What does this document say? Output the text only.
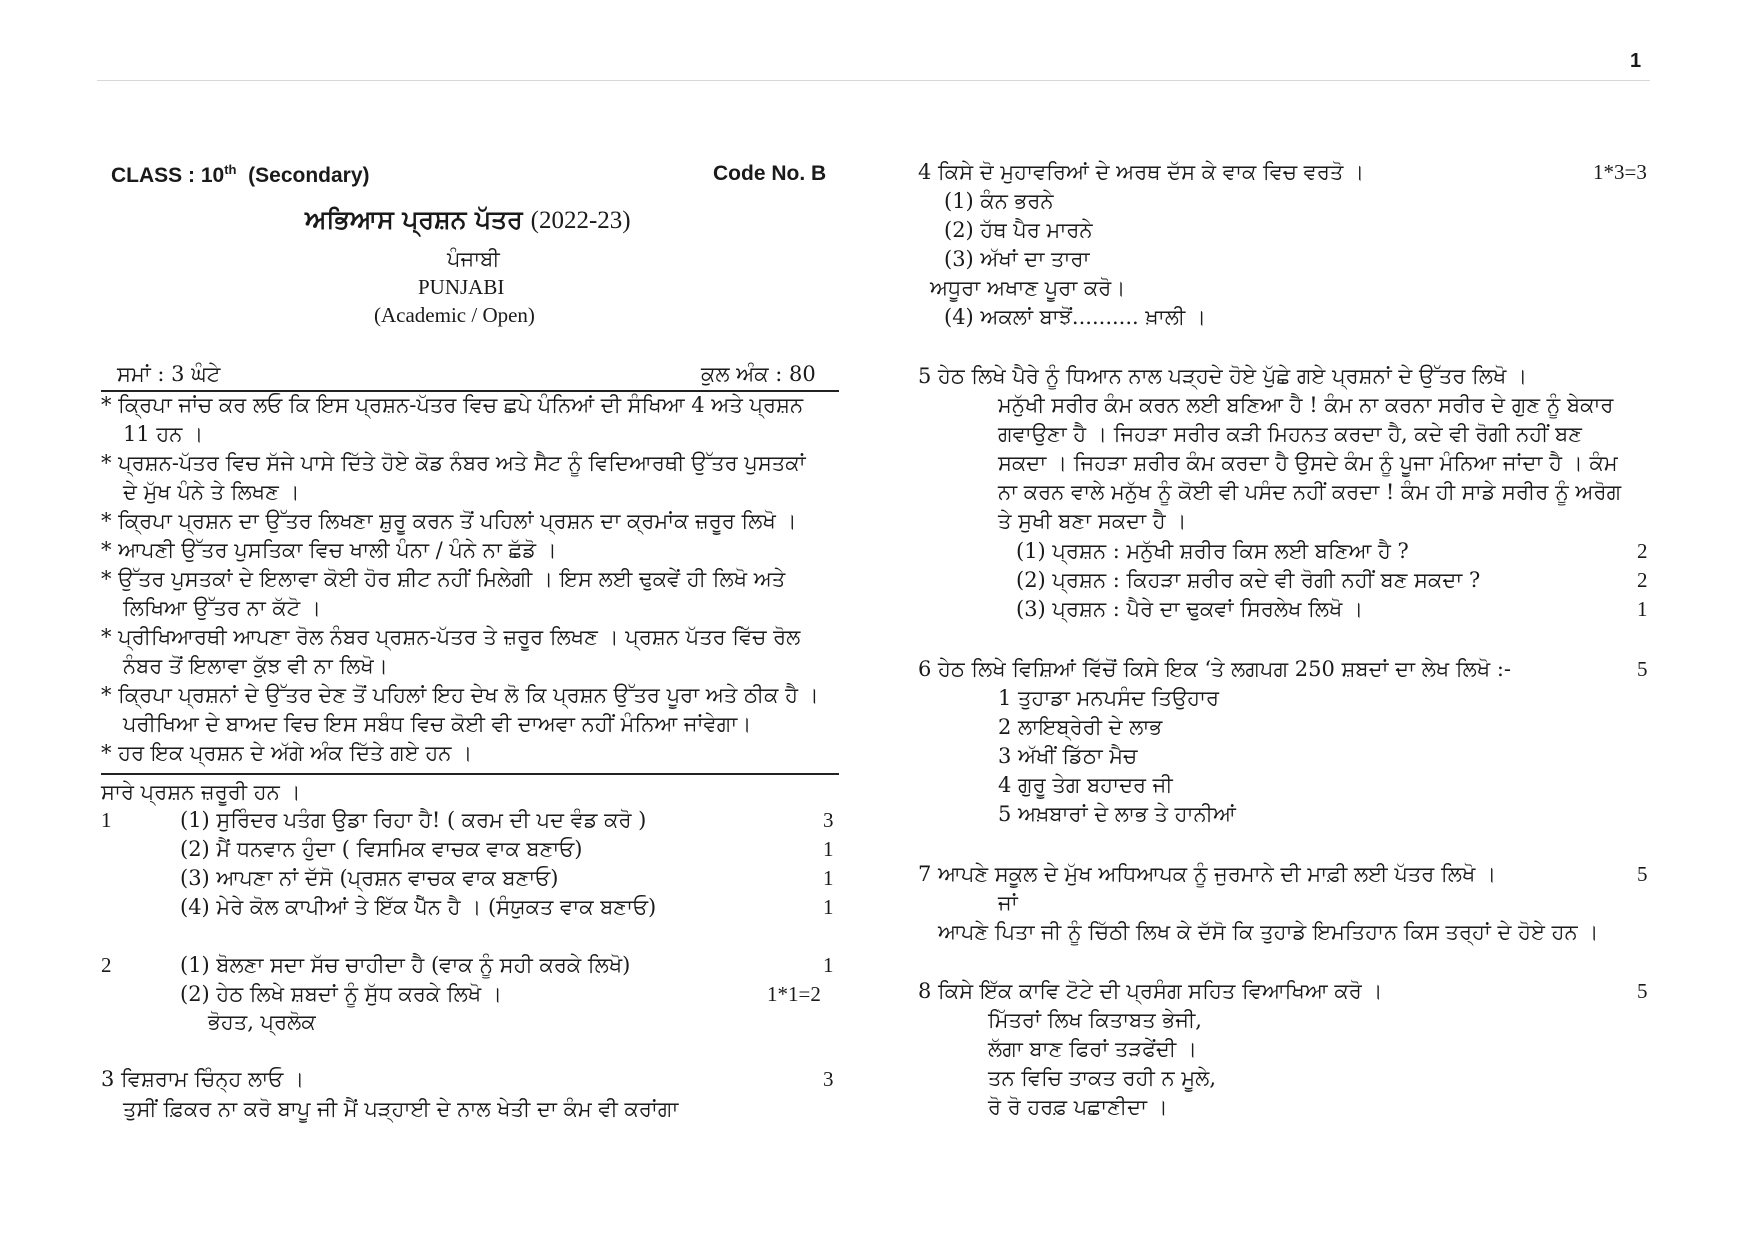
1
CLASS : 10th (Secondary)	Code No. B
ਅਭਿਆਸ ਪ੍ਰਸ਼ਨ ਪੱਤਰ (2022-23)
ਪੰਜਾਬੀ
PUNJABI
(Academic / Open)
ਸਮਾਂ : 3 ਘੰਟੇ	ਕੁਲ ਅੰਕ : 80
* ਕ੍ਰਿਪਾ ਜਾਂਚ ਕਰ ਲਓ ਕਿ ਇਸ ਪ੍ਰਸ਼ਨ-ਪੱਤਰ ਵਿਚ ਛਪੇ ਪੰਨਿਆਂ ਦੀ ਸੰਖਿਆ 4 ਅਤੇ ਪ੍ਰਸ਼ਨ
11 ਹਨ ।
* ਪ੍ਰਸ਼ਨ-ਪੱਤਰ ਵਿਚ ਸੱਜੇ ਪਾਸੇ ਦਿੱਤੇ ਹੋਏ ਕੋਡ ਨੰਬਰ ਅਤੇ ਸੈਟ ਨੂੰ ਵਿਦਿਆਰਥੀ ਉੱਤਰ ਪੁਸਤਕਾਂ
ਦੇ ਮੁੱਖ ਪੰਨੇ ਤੇ ਲਿਖਣ ।
* ਕ੍ਰਿਪਾ ਪ੍ਰਸ਼ਨ ਦਾ ਉੱਤਰ ਲਿਖਣਾ ਸ਼ੁਰੂ ਕਰਨ ਤੋਂ ਪਹਿਲਾਂ ਪ੍ਰਸ਼ਨ ਦਾ ਕ੍ਰਮਾਂਕ ਜ਼ਰੂਰ ਲਿਖੋ ।
* ਆਪਣੀ ਉੱਤਰ ਪੁਸਤਿਕਾ ਵਿਚ ਖਾਲੀ ਪੰਨਾ / ਪੰਨੇ ਨਾ ਛੱਡੋ ।
* ਉੱਤਰ ਪੁਸਤਕਾਂ ਦੇ ਇਲਾਵਾ ਕੋਈ ਹੋਰ ਸ਼ੀਟ ਨਹੀਂ ਮਿਲੇਗੀ । ਇਸ ਲਈ ਢੁਕਵੇਂ ਹੀ ਲਿਖੋ ਅਤੇ
ਲਿਖਿਆ ਉੱਤਰ ਨਾ ਕੱਟੋ ।
* ਪ੍ਰੀਖਿਆਰਥੀ ਆਪਣਾ ਰੋਲ ਨੰਬਰ ਪ੍ਰਸ਼ਨ-ਪੱਤਰ ਤੇ ਜ਼ਰੂਰ ਲਿਖਣ । ਪ੍ਰਸ਼ਨ ਪੱਤਰ ਵਿੱਚ ਰੋਲ
ਨੰਬਰ ਤੋਂ ਇਲਾਵਾ ਕੁੱਝ ਵੀ ਨਾ ਲਿਖੋ।
* ਕ੍ਰਿਪਾ ਪ੍ਰਸ਼ਨਾਂ ਦੇ ਉੱਤਰ ਦੇਣ ਤੋਂ ਪਹਿਲਾਂ ਇਹ ਦੇਖ ਲੋ ਕਿ ਪ੍ਰਸ਼ਨ ਉੱਤਰ ਪੂਰਾ ਅਤੇ ਠੀਕ ਹੈ ।
ਪਰੀਖਿਆ ਦੇ ਬਾਅਦ ਵਿਚ ਇਸ ਸਬੰਧ ਵਿਚ ਕੋਈ ਵੀ ਦਾਅਵਾ ਨਹੀਂ ਮੰਨਿਆ ਜਾਂਵੇਗਾ।
* ਹਰ ਇਕ ਪ੍ਰਸ਼ਨ ਦੇ ਅੱਗੇ ਅੰਕ ਦਿੱਤੇ ਗਏ ਹਨ ।
ਸਾਰੇ ਪ੍ਰਸ਼ਨ ਜ਼ਰੂਰੀ ਹਨ ।
1	(1) ਸੁਰਿੰਦਰ ਪਤੰਗ ਉਡਾ ਰਿਹਾ ਹੈ! ( ਕਰਮ ਦੀ ਪਦ ਵੰਡ ਕਰੋ )	3
(2) ਮੈਂ ਧਨਵਾਨ ਹੁੰਦਾ ( ਵਿਸਮਿਕ ਵਾਚਕ ਵਾਕ ਬਣਾਓ)	1
(3) ਆਪਣਾ ਨਾਂ ਦੱਸੋ (ਪ੍ਰਸ਼ਨ ਵਾਚਕ ਵਾਕ ਬਣਾਓ)	1
(4) ਮੇਰੇ ਕੋਲ ਕਾਪੀਆਂ ਤੇ ਇੱਕ ਪੈੱਨ ਹੈ । (ਸੰਯੁਕਤ ਵਾਕ ਬਣਾਓ)	1
2	(1) ਬੋਲਣਾ ਸਦਾ ਸੱਚ ਚਾਹੀਦਾ ਹੈ (ਵਾਕ ਨੂੰ ਸਹੀ ਕਰਕੇ ਲਿਖੋ)	1
(2) ਹੇਠ ਲਿਖੇ ਸ਼ਬਦਾਂ ਨੂੰ ਸੁੱਧ ਕਰਕੇ ਲਿਖੋ ।	1*1=2
ਭੋਹਤ, ਪ੍ਰਲੋਕ
3 ਵਿਸ਼ਰਾਮ ਚਿੰਨ੍ਹ ਲਾਓ ।	3
ਤੁਸੀਂ ਫ਼ਿਕਰ ਨਾ ਕਰੋ ਬਾਪੂ ਜੀ ਮੈਂ ਪੜ੍ਹਾਈ ਦੇ ਨਾਲ ਖੇਤੀ ਦਾ ਕੰਮ ਵੀ ਕਰਾਂਗਾ
4 ਕਿਸੇ ਦੋ ਮੁਹਾਵਰਿਆਂ ਦੇ ਅਰਥ ਦੱਸ ਕੇ ਵਾਕ ਵਿਚ ਵਰਤੋ ।	1*3=3
(1) ਕੰਨ ਭਰਨੇ
(2) ਹੱਥ ਪੈਰ ਮਾਰਨੇ
(3) ਅੱਖਾਂ ਦਾ ਤਾਰਾ
ਅਧੂਰਾ ਅਖਾਣ ਪੂਰਾ ਕਰੋ।
(4) ਅਕਲਾਂ ਬਾਝੋਂ.......... ਖ਼ਾਲੀ ।
5 ਹੇਠ ਲਿਖੇ ਪੈਰੇ ਨੂੰ ਧਿਆਨ ਨਾਲ ਪੜ੍ਹਦੇ ਹੋਏ ਪੁੱਛੇ ਗਏ ਪ੍ਰਸ਼ਨਾਂ ਦੇ ਉੱਤਰ ਲਿਖੋ ।
ਮਨੁੱਖੀ ਸਰੀਰ ਕੰਮ ਕਰਨ ਲਈ ਬਣਿਆ ਹੈ ! ਕੰਮ ਨਾ ਕਰਨਾ ਸਰੀਰ ਦੇ ਗੁਣ ਨੂੰ ਬੇਕਾਰ
ਗਵਾਉਣਾ ਹੈ । ਜਿਹੜਾ ਸਰੀਰ ਕੜੀ ਮਿਹਨਤ ਕਰਦਾ ਹੈ, ਕਦੇ ਵੀ ਰੋਗੀ ਨਹੀਂ ਬਣ
ਸਕਦਾ । ਜਿਹੜਾ ਸ਼ਰੀਰ ਕੰਮ ਕਰਦਾ ਹੈ ਉਸਦੇ ਕੰਮ ਨੂੰ ਪੂਜਾ ਮੰਨਿਆ ਜਾਂਦਾ ਹੈ । ਕੰਮ
ਨਾ ਕਰਨ ਵਾਲੇ ਮਨੁੱਖ ਨੂੰ ਕੋਈ ਵੀ ਪਸੰਦ ਨਹੀਂ ਕਰਦਾ ! ਕੰਮ ਹੀ ਸਾਡੇ ਸਰੀਰ ਨੂੰ ਅਰੋਗ
ਤੇ ਸੁਖੀ ਬਣਾ ਸਕਦਾ ਹੈ ।
(1) ਪ੍ਰਸ਼ਨ : ਮਨੁੱਖੀ ਸ਼ਰੀਰ ਕਿਸ ਲਈ ਬਣਿਆ ਹੈ ?	2
(2) ਪ੍ਰਸ਼ਨ : ਕਿਹੜਾ ਸ਼ਰੀਰ ਕਦੇ ਵੀ ਰੋਗੀ ਨਹੀਂ ਬਣ ਸਕਦਾ ?	2
(3) ਪ੍ਰਸ਼ਨ : ਪੈਰੇ ਦਾ ਢੁਕਵਾਂ ਸਿਰਲੇਖ ਲਿਖੋ ।	1
6 ਹੇਠ ਲਿਖੇ ਵਿਸ਼ਿਆਂ ਵਿੱਚੋਂ ਕਿਸੇ ਇਕ ‘ਤੇ ਲਗਪਗ 250 ਸ਼ਬਦਾਂ ਦਾ ਲੇਖ ਲਿਖੋ :-	5
1 ਤੁਹਾਡਾ ਮਨਪਸੰਦ ਤਿਉਹਾਰ
2 ਲਾਇਬ੍ਰੇਰੀ ਦੇ ਲਾਭ
3 ਅੱਖੀਂ ਡਿੱਠਾ ਮੈਚ
4 ਗੁਰੂ ਤੇਗ ਬਹਾਦਰ ਜੀ
5 ਅਖ਼ਬਾਰਾਂ ਦੇ ਲਾਭ ਤੇ ਹਾਨੀਆਂ
7 ਆਪਣੇ ਸਕੂਲ ਦੇ ਮੁੱਖ ਅਧਿਆਪਕ ਨੂੰ ਜੁਰਮਾਨੇ ਦੀ ਮਾਫ਼ੀ ਲਈ ਪੱਤਰ ਲਿਖੋ ।	5
ਜਾਂ
ਆਪਣੇ ਪਿਤਾ ਜੀ ਨੂੰ ਚਿੱਠੀ ਲਿਖ ਕੇ ਦੱਸੋ ਕਿ ਤੁਹਾਡੇ ਇਮਤਿਹਾਨ ਕਿਸ ਤਰ੍ਹਾਂ ਦੇ ਹੋਏ ਹਨ ।
8 ਕਿਸੇ ਇੱਕ ਕਾਵਿ ਟੋਟੇ ਦੀ ਪ੍ਰਸੰਗ ਸਹਿਤ ਵਿਆਖਿਆ ਕਰੋ ।	5
ਮਿੱਤਰਾਂ ਲਿਖ ਕਿਤਾਬਤ ਭੇਜੀ,
ਲੱਗਾ ਬਾਣ ਫਿਰਾਂ ਤੜਫੇਂਦੀ ।
ਤਨ ਵਿਚਿ ਤਾਕਤ ਰਹੀ ਨ ਮੂਲੇ,
ਰੋ ਰੋ ਹਰਫ਼ ਪਛਾਣੀਦਾ ।
